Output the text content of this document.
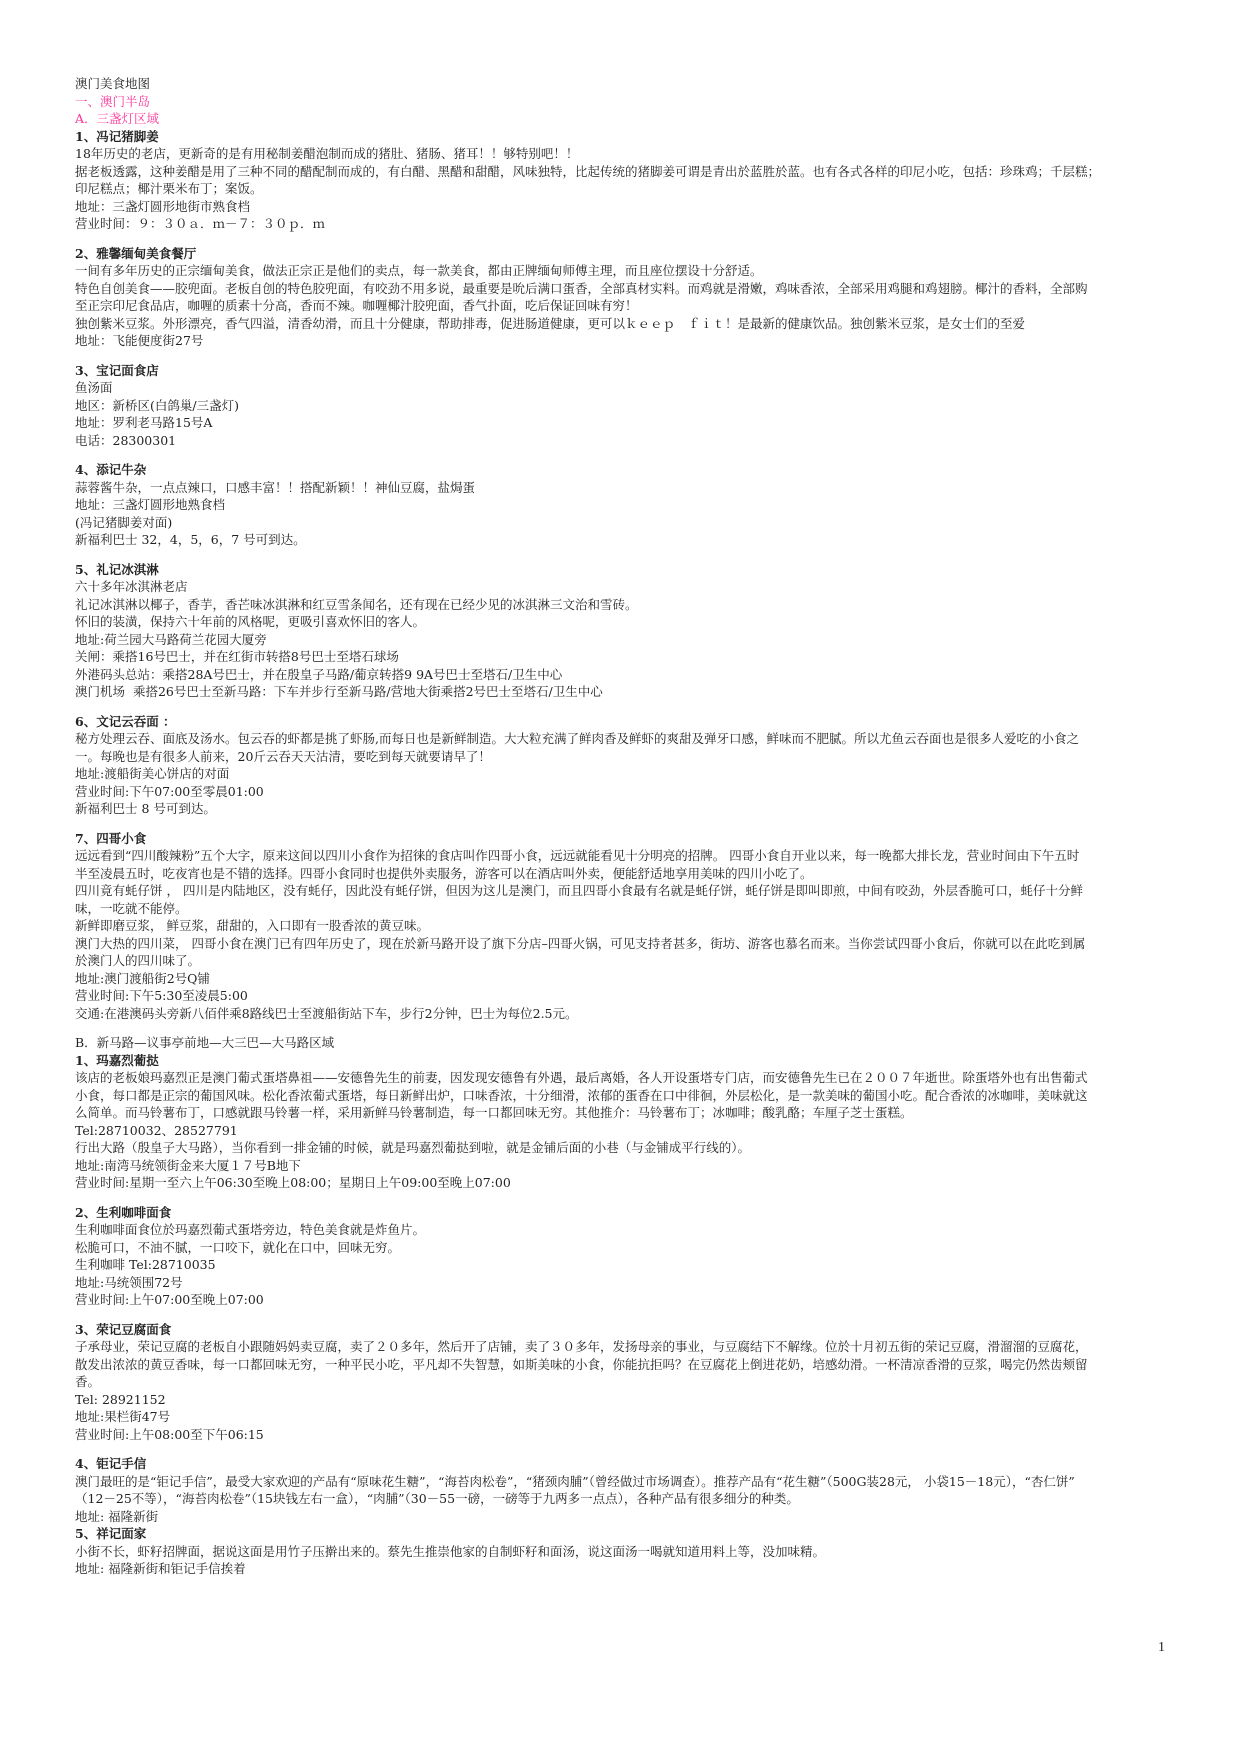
澳门美食地图
一、澳门半岛
A．三盏灯区域
1、冯记猪脚姜
18年历史的老店，更新奇的是有用秘制姜醋泡制而成的猪肚、猪肠、猪耳！！够特别吧！！
据老板透露，这种姜醋是用了三种不同的醋配制而成的，有白醋、黑醋和甜醋，风味独特，比起传统的猪脚姜可谓是青出於蓝胜於蓝。也有各式各样的印尼小吃，包括：珍珠鸡；千层糕；
印尼糕点；椰汁栗米布丁；案饭。
地址：三盏灯圆形地街市熟食档
营业时间：９：３０ａ．ｍ－７：３０ｐ．ｍ
2、雅馨缅甸美食餐厅
一间有多年历史的正宗缅甸美食，做法正宗正是他们的卖点，每一款美食，都由正牌缅甸师傅主理，而且座位摆设十分舒适。
特色自创美食——胶兜面。老板自创的特色胶兜面，有咬劲不用多说，最重要是吮后满口蛋香，全部真材实料。而鸡就是滑嫩，鸡味香浓，全部采用鸡腿和鸡翅膀。椰汁的香料，全部购
至正宗印尼食品店，咖喱的质素十分高，香而不辣。咖喱椰汁胶兜面，香气扑面，吃后保证回味有穷！
独创紫米豆浆。外形漂亮，香气四溢，清香幼滑，而且十分健康，帮助排毒，促进肠道健康，更可以ｋｅｅｐ　ｆｉｔ！是最新的健康饮品。独创紫米豆浆，是女士们的至爱
地址：飞能便度街27号
3、宝记面食店
鱼汤面
地区：新桥区(白鸽巢/三盏灯)
地址：罗利老马路15号A
电话：28300301
4、添记牛杂
蒜蓉酱牛杂，一点点辣口，口感丰富！！搭配新颖！！神仙豆腐，盐焗蛋
地址：三盏灯圆形地熟食档
(冯记猪脚姜对面)
新福利巴士 32，4，5，6，7 号可到达。
5、礼记冰淇淋
六十多年冰淇淋老店
礼记冰淇淋以椰子，香芋，香芒味冰淇淋和红豆雪条闻名，还有现在已经少见的冰淇淋三文治和雪砖。
怀旧的装潢，保持六十年前的风格呢，更吸引喜欢怀旧的客人。
地址:荷兰园大马路荷兰花园大厦旁
关闸：乘搭16号巴士，并在红街市转搭8号巴士至塔石球场
外港码头总站：乘搭28A号巴士，并在殷皇子马路/葡京转搭9 9A号巴士至塔石/卫生中心
澳门机场  乘搭26号巴士至新马路：下车并步行至新马路/营地大街乘搭2号巴士至塔石/卫生中心
6、文记云吞面 ：
秘方处理云吞、面底及汤水。包云吞的虾都是挑了虾肠,而每日也是新鲜制造。大大粒充满了鲜肉香及鲜虾的爽甜及弹牙口感，鲜味而不肥腻。所以尤鱼云吞面也是很多人爱吃的小食之
一。每晚也是有很多人前来，20斤云吞天天沽清，要吃到每天就要请早了！
地址:渡船街美心饼店的对面
营业时间:下午07:00至零晨01:00
新福利巴士 8 号可到达。
7、四哥小食
远远看到“四川酸辣粉”五个大字，原来这间以四川小食作为招徕的食店叫作四哥小食，远远就能看见十分明亮的招牌。 四哥小食自开业以来，每一晚都大排长龙，营业时间由下午五时
半至凌晨五时，吃夜宵也是不错的选择。四哥小食同时也提供外卖服务，游客可以在酒店叫外卖，便能舒适地享用美味的四川小吃了。
四川竟有蚝仔饼 ， 四川是内陆地区，没有蚝仔，因此没有蚝仔饼，但因为这儿是澳门，而且四哥小食最有名就是蚝仔饼，蚝仔饼是即叫即煎，中间有咬劲，外层香脆可口，蚝仔十分鲜
味，一吃就不能停。
新鲜即磨豆浆， 鲜豆浆，甜甜的，入口即有一股香浓的黄豆味。
澳门大热的四川菜， 四哥小食在澳门已有四年历史了，现在於新马路开设了旗下分店–四哥火锅，可见支持者甚多，街坊、游客也慕名而来。当你尝试四哥小食后，你就可以在此吃到属
於澳门人的四川味了。
地址:澳门渡船街2号Q铺
营业时间:下午5:30至凌晨5:00
交通:在港澳码头旁新八佰伴乘8路线巴士至渡船街站下车，步行2分钟，巴士为每位2.5元。
B．新马路—议事亭前地—大三巴—大马路区域
1、玛嘉烈葡挞
该店的老板娘玛嘉烈正是澳门葡式蛋塔鼻祖——安德鲁先生的前妻，因发现安德鲁有外遇，最后离婚，各人开设蛋塔专门店，而安德鲁先生已在２００７年逝世。除蛋塔外也有出售葡式
小食，每口都是正宗的葡国风味。松化香浓葡式蛋塔，每日新鲜出炉，口味香浓，十分细滑，浓郁的蛋香在口中徘徊，外层松化，是一款美味的葡国小吃。配合香浓的冰咖啡，美味就这
么简单。而马铃薯布丁，口感就跟马铃薯一样，采用新鲜马铃薯制造，每一口都回味无穷。其他推介：马铃薯布丁；冰咖啡；酸乳酪；车厘子芝士蛋糕。
Tel:28710032、28527791
行出大路（殷皇子大马路），当你看到一排金铺的时候，就是玛嘉烈葡挞到啦，就是金铺后面的小巷（与金铺成平行线的）。
地址:南湾马统领街金来大厦１７号B地下
营业时间:星期一至六上午06:30至晚上08:00；星期日上午09:00至晚上07:00
2、生利咖啡面食
生利咖啡面食位於玛嘉烈葡式蛋塔旁边，特色美食就是炸鱼片。
松脆可口，不油不腻，一口咬下，就化在口中，回味无穷。
生利咖啡 Tel:28710035
地址:马统领围72号
营业时间:上午07:00至晚上07:00
3、荣记豆腐面食
子承母业，荣记豆腐的老板自小跟随妈妈卖豆腐，卖了２０多年，然后开了店铺，卖了３０多年，发扬母亲的事业，与豆腐结下不解缘。位於十月初五街的荣记豆腐，滑溜溜的豆腐花，
散发出浓浓的黄豆香味，每一口都回味无穷，一种平民小吃，平凡却不失智慧，如斯美味的小食，你能抗拒吗？在豆腐花上倒进花奶，培感幼滑。一杯清凉香滑的豆浆，喝完仍然齿颊留
香。
Tel: 28921152
地址:果栏街47号
营业时间:上午08:00至下午06:15
4、钜记手信
澳门最旺的是“钜记手信”，最受大家欢迎的产品有“原味花生糖”，“海苔肉松卷”，“猪颈肉脯”（曾经做过市场调查）。推荐产品有“花生糖”（500G装28元， 小袋15－18元），“杏仁饼”
（12－25不等），“海苔肉松卷”（15块钱左右一盒），“肉脯”（30－55一磅，一磅等于九两多一点点），各种产品有很多细分的种类。
地址: 福隆新街
5、祥记面家
小街不长，虾籽招牌面，据说这面是用竹子压擀出来的。蔡先生推崇他家的自制虾籽和面汤，说这面汤一喝就知道用料上等，没加味精。
地址: 福隆新街和钜记手信挨着
1
